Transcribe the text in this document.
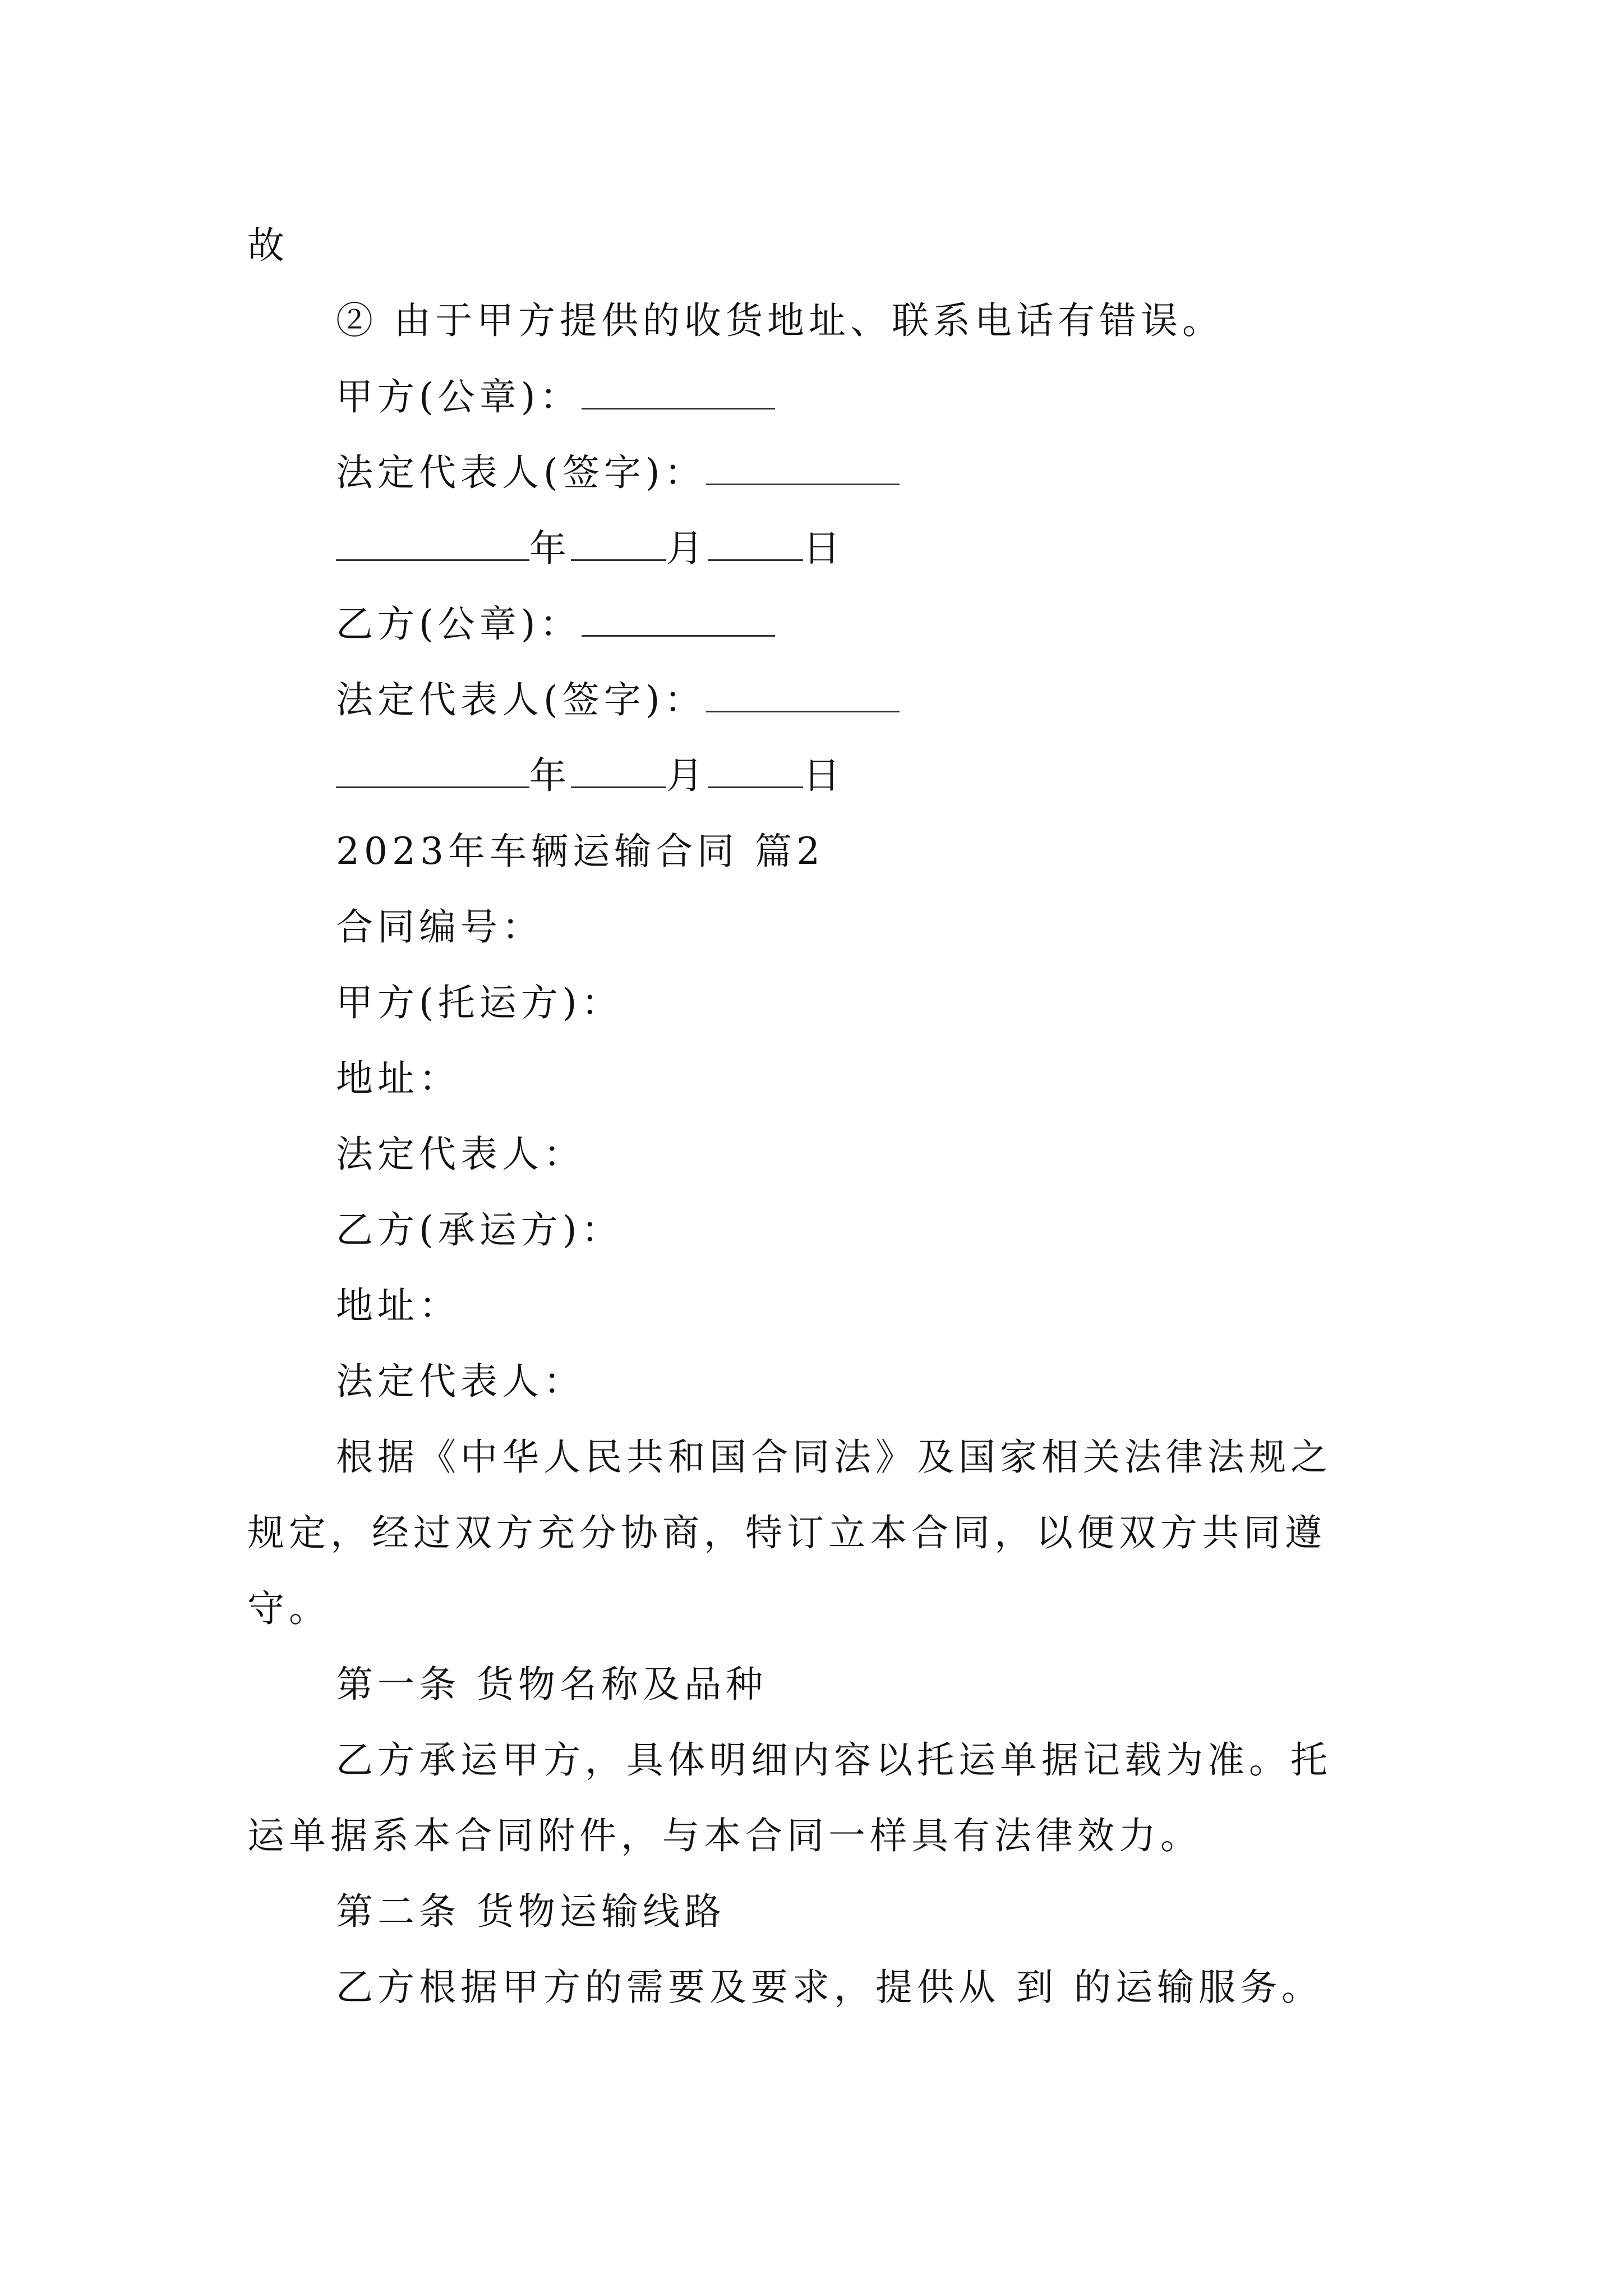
故
② 由于甲方提供的收货地址、联系电话有错误。
甲方(公章)：
法定代表人(签字)：
年	月	日
乙方(公章)：
法定代表人(签字)：
年	月	日
2023年车辆运输合同 篇2
合同编号：
甲方(托运方)：
地址：
法定代表人：
乙方(承运方)：
地址：
法定代表人：
根据《中华人民共和国合同法》及国家相关法律法规之
规定，经过双方充分协商，特订立本合同，以便双方共同遵
守。
第一条 货物名称及品种
乙方承运甲方，具体明细内容以托运单据记载为准。托
运单据系本合同附件，与本合同一样具有法律效力。
第二条 货物运输线路
乙方根据甲方的需要及要求，提供从 到 的运输服务。
